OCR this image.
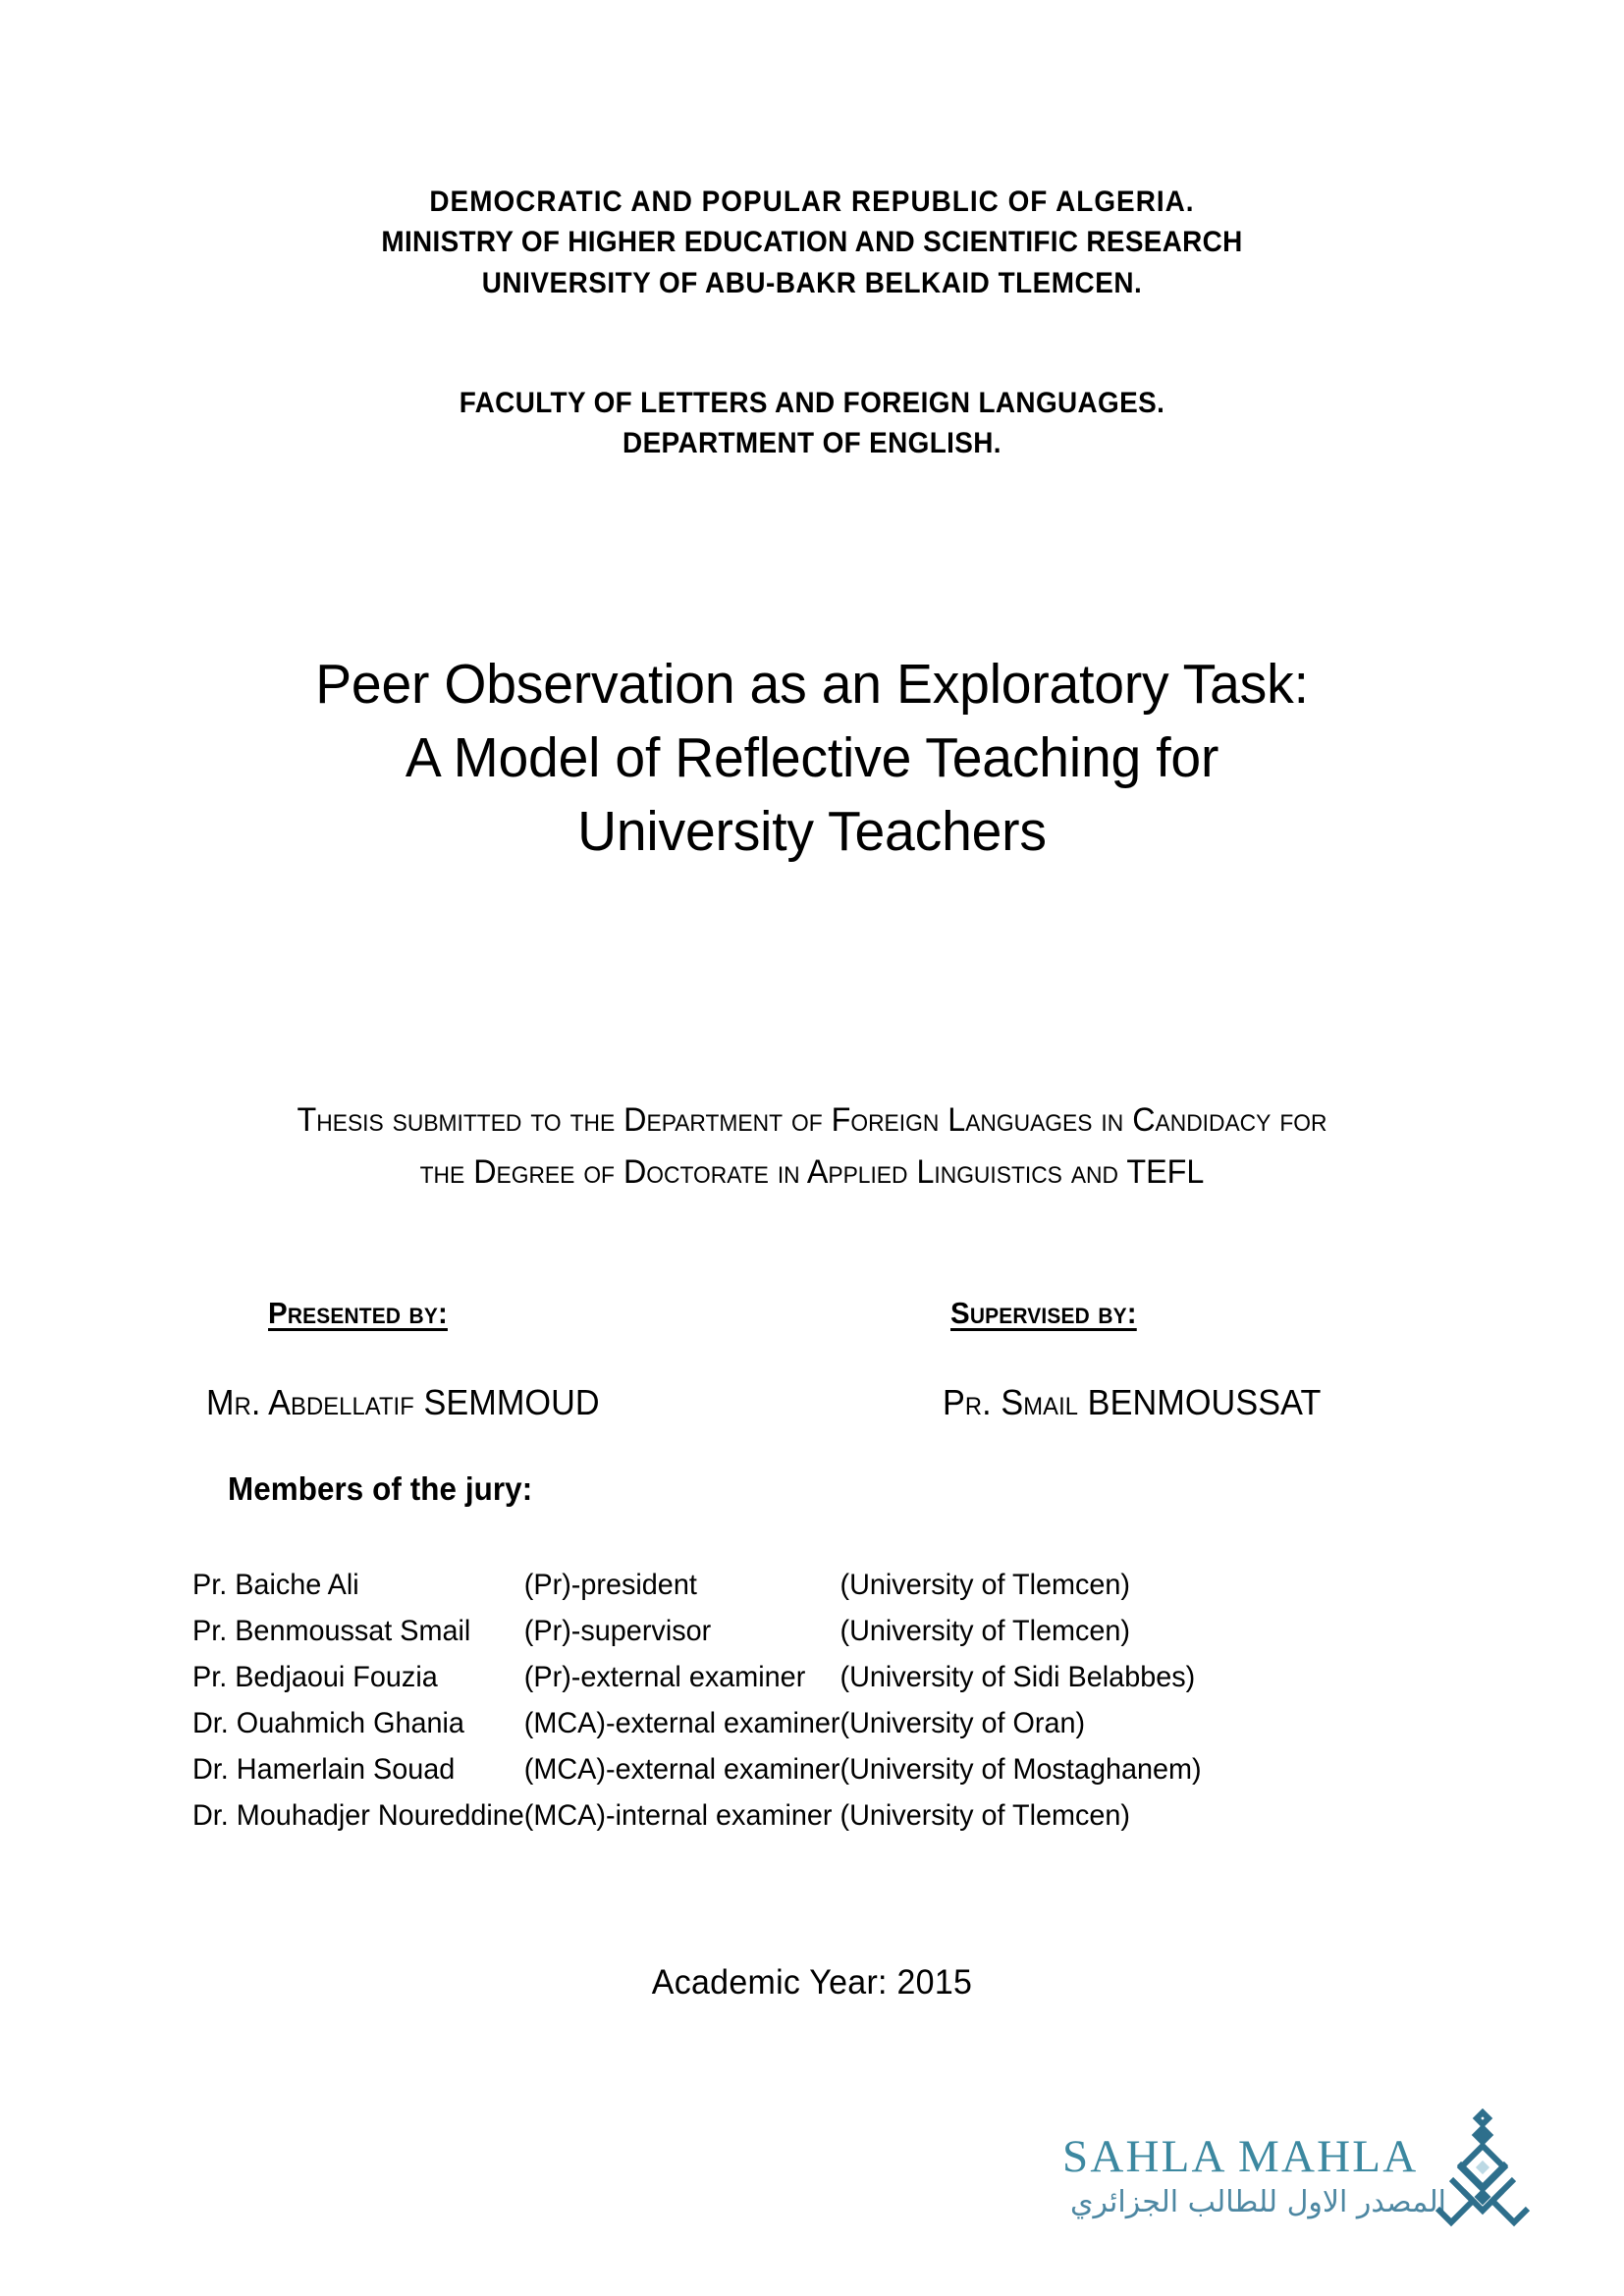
DEMOCRATIC AND POPULAR REPUBLIC OF ALGERIA.
MINISTRY OF HIGHER EDUCATION AND SCIENTIFIC RESEARCH
UNIVERSITY OF ABU-BAKR BELKAID TLEMCEN.
FACULTY OF LETTERS AND FOREIGN LANGUAGES.
DEPARTMENT OF ENGLISH.
Peer Observation as an Exploratory Task:
A Model of Reflective Teaching for
University Teachers
Thesis submitted to the Department of Foreign Languages in Candidacy for
the Degree of Doctorate in Applied Linguistics and TEFL
Presented by:
Mr. Abdellatif SEMMOUD
Supervised by:
Pr. Smail BENMOUSSAT
Members of the jury:
Pr. Baiche Ali	(Pr)-president	(University of Tlemcen)
Pr. Benmoussat Smail	(Pr)-supervisor	(University of Tlemcen)
Pr. Bedjaoui Fouzia	(Pr)-external examiner	(University of Sidi Belabbes)
Dr. Ouahmich Ghania	(MCA)-external examiner	(University of Oran)
Dr. Hamerlain Souad	(MCA)-external examiner	(University of Mostaghanem)
Dr. Mouhadjer Noureddine	(MCA)-internal examiner	(University of Tlemcen)
Academic Year: 2015
SAHLA MAHLA
المصدر الاول للطالب الجزائري
